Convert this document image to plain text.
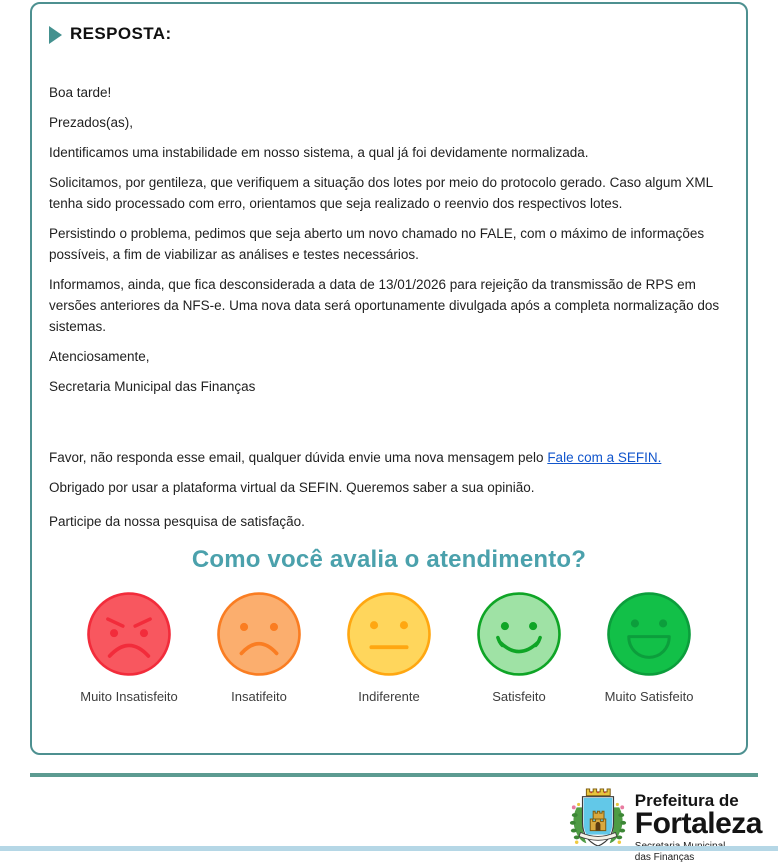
RESPOSTA:

Boa tarde!

Prezados(as),

Identificamos uma instabilidade em nosso sistema, a qual já foi devidamente normalizada.

Solicitamos, por gentileza, que verifiquem a situação dos lotes por meio do protocolo gerado. Caso algum XML tenha sido processado com erro, orientamos que seja realizado o reenvio dos respectivos lotes.

Persistindo o problema, pedimos que seja aberto um novo chamado no FALE, com o máximo de informações possíveis, a fim de viabilizar as análises e testes necessários.

Informamos, ainda, que fica desconsiderada a data de 13/01/2026 para rejeição da transmissão de RPS em versões anteriores da NFS-e. Uma nova data será oportunamente divulgada após a completa normalização dos sistemas.

Atenciosamente,

Secretaria Municipal das Finanças

Favor, não responda esse email, qualquer dúvida envie uma nova mensagem pelo Fale com a SEFIN.

Obrigado por usar a plataforma virtual da SEFIN. Queremos saber a sua opinião.

Participe da nossa pesquisa de satisfação.

Como você avalia o atendimento?
Muito Insatisfeito	Insatifeito	Indiferente	Satisfeito	Muito Satisfeito
Prefeitura de
Fortaleza
das Finanças
